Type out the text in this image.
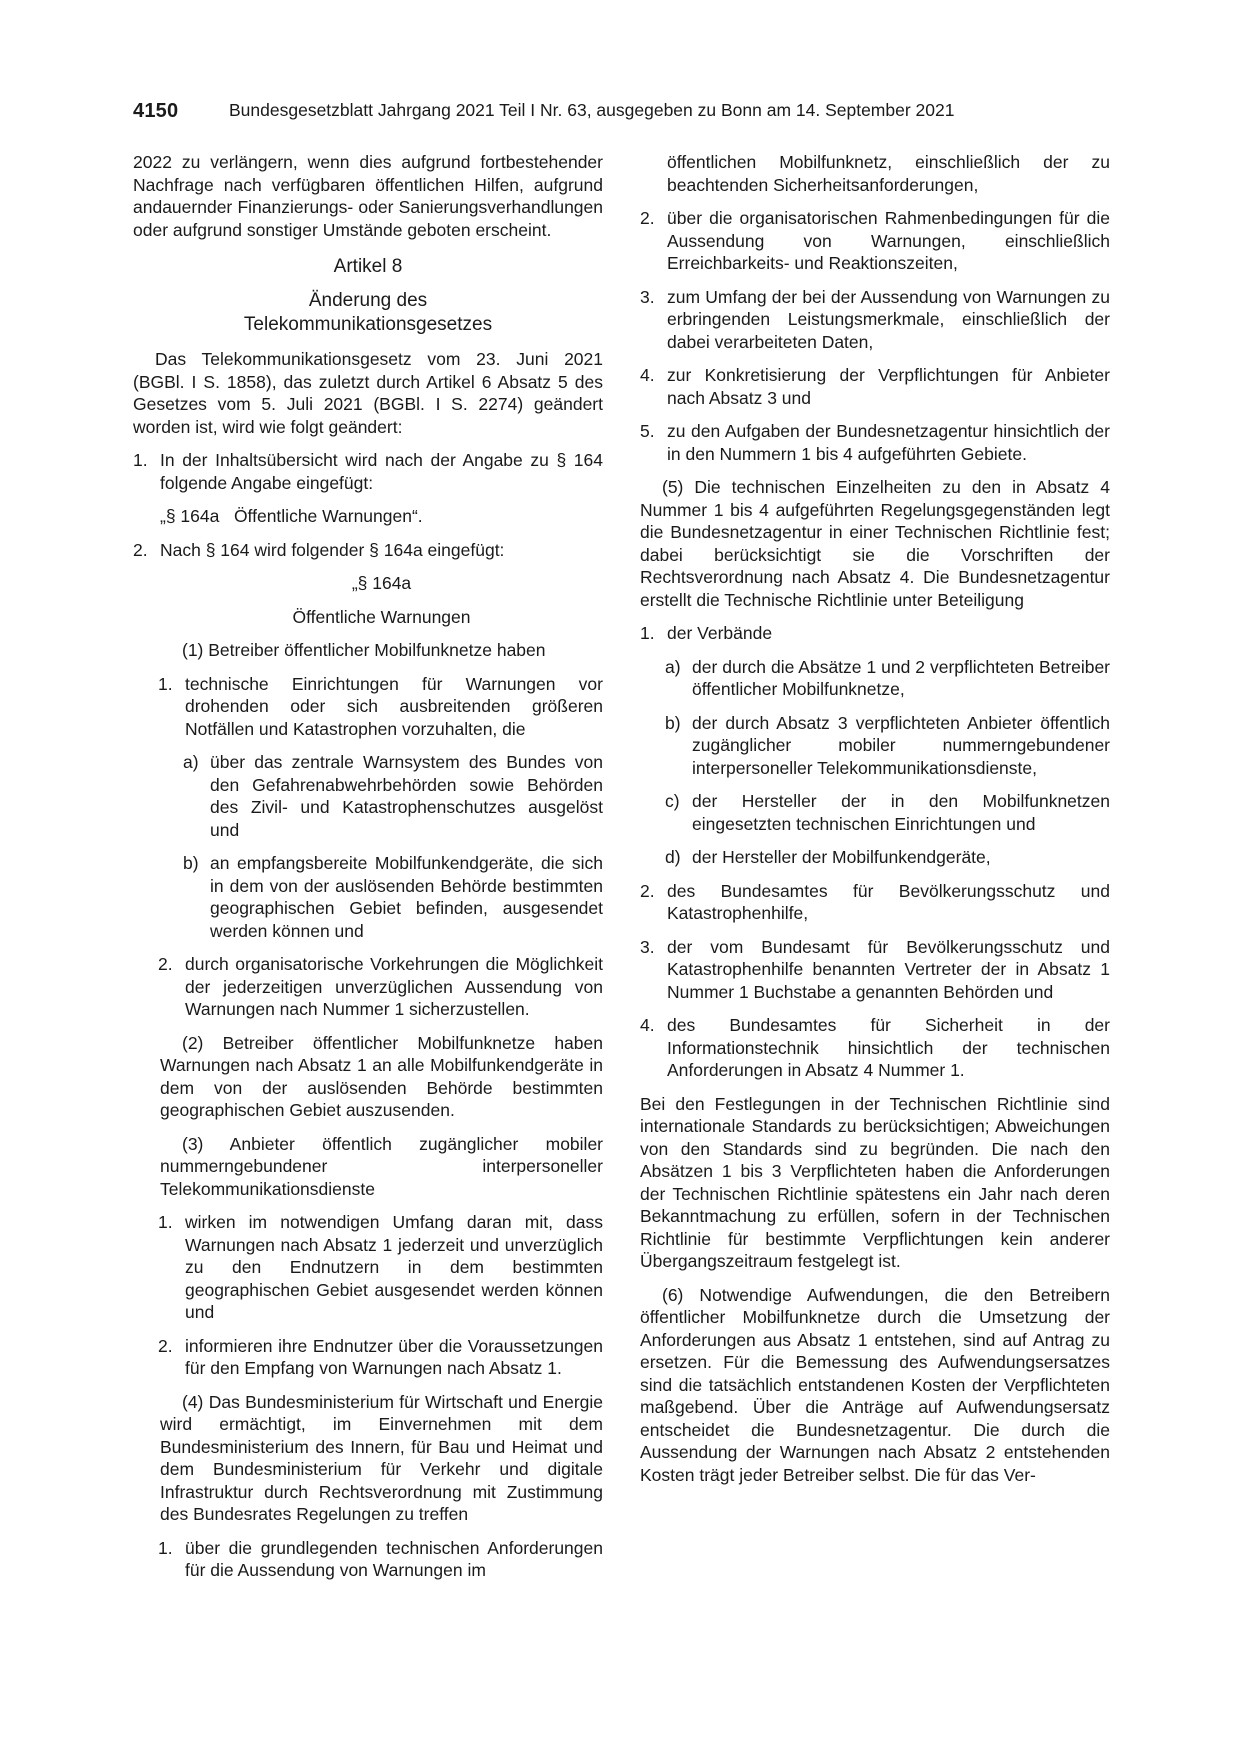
4150	Bundesgesetzblatt Jahrgang 2021 Teil I Nr. 63, ausgegeben zu Bonn am 14. September 2021

2022 zu verlängern, wenn dies aufgrund fortbestehender Nachfrage nach verfügbaren öffentlichen Hilfen, aufgrund andauernder Finanzierungs- oder Sanierungsverhandlungen oder aufgrund sonstiger Umstände geboten erscheint.

Artikel 8

Änderung des

Telekommunikationsgesetzes

Das Telekommunikationsgesetz vom 23. Juni 2021 (BGBl. I S. 1858), das zuletzt durch Artikel 6 Absatz 5 des Gesetzes vom 5. Juli 2021 (BGBl. I S. 2274) geändert worden ist, wird wie folgt geändert:

1. In der Inhaltsübersicht wird nach der Angabe zu § 164 folgende Angabe eingefügt:

„§ 164a   Öffentliche Warnungen“.

2. Nach § 164 wird folgender § 164a eingefügt:

„§ 164a

Öffentliche Warnungen

(1) Betreiber öffentlicher Mobilfunknetze haben

1. technische Einrichtungen für Warnungen vor drohenden oder sich ausbreitenden größeren Notfällen und Katastrophen vorzuhalten, die

a) über das zentrale Warnsystem des Bundes von den Gefahrenabwehrbehörden sowie Behörden des Zivil- und Katastrophenschutzes ausgelöst und

b) an empfangsbereite Mobilfunkendgeräte, die sich in dem von der auslösenden Behörde bestimmten geographischen Gebiet befinden, ausgesendet werden können und

2. durch organisatorische Vorkehrungen die Möglichkeit der jederzeitigen unverzüglichen Aussendung von Warnungen nach Nummer 1 sicherzustellen.

(2) Betreiber öffentlicher Mobilfunknetze haben Warnungen nach Absatz 1 an alle Mobilfunkendgeräte in dem von der auslösenden Behörde bestimmten geographischen Gebiet auszusenden.

(3) Anbieter öffentlich zugänglicher mobiler nummerngebundener interpersoneller Telekommunikationsdienste

1. wirken im notwendigen Umfang daran mit, dass Warnungen nach Absatz 1 jederzeit und unverzüglich zu den Endnutzern in dem bestimmten geographischen Gebiet ausgesendet werden können und

2. informieren ihre Endnutzer über die Voraussetzungen für den Empfang von Warnungen nach Absatz 1.

(4) Das Bundesministerium für Wirtschaft und Energie wird ermächtigt, im Einvernehmen mit dem Bundesministerium des Innern, für Bau und Heimat und dem Bundesministerium für Verkehr und digitale Infrastruktur durch Rechtsverordnung mit Zustimmung des Bundesrates Regelungen zu treffen

1. über die grundlegenden technischen Anforderungen für die Aussendung von Warnungen im

öffentlichen Mobilfunknetz, einschließlich der zu beachtenden Sicherheitsanforderungen,

2. über die organisatorischen Rahmenbedingungen für die Aussendung von Warnungen, einschließlich Erreichbarkeits- und Reaktionszeiten,

3. zum Umfang der bei der Aussendung von Warnungen zu erbringenden Leistungsmerkmale, einschließlich der dabei verarbeiteten Daten,

4. zur Konkretisierung der Verpflichtungen für Anbieter nach Absatz 3 und

5. zu den Aufgaben der Bundesnetzagentur hinsichtlich der in den Nummern 1 bis 4 aufgeführten Gebiete.

(5) Die technischen Einzelheiten zu den in Absatz 4 Nummer 1 bis 4 aufgeführten Regelungsgegenständen legt die Bundesnetzagentur in einer Technischen Richtlinie fest; dabei berücksichtigt sie die Vorschriften der Rechtsverordnung nach Absatz 4. Die Bundesnetzagentur erstellt die Technische Richtlinie unter Beteiligung

1. der Verbände

a) der durch die Absätze 1 und 2 verpflichteten Betreiber öffentlicher Mobilfunknetze,

b) der durch Absatz 3 verpflichteten Anbieter öffentlich zugänglicher mobiler nummerngebundener interpersoneller Telekommunikationsdienste,

c) der Hersteller der in den Mobilfunknetzen eingesetzten technischen Einrichtungen und

d) der Hersteller der Mobilfunkendgeräte,

2. des Bundesamtes für Bevölkerungsschutz und Katastrophenhilfe,

3. der vom Bundesamt für Bevölkerungsschutz und Katastrophenhilfe benannten Vertreter der in Absatz 1 Nummer 1 Buchstabe a genannten Behörden und

4. des Bundesamtes für Sicherheit in der Informationstechnik hinsichtlich der technischen Anforderungen in Absatz 4 Nummer 1.

Bei den Festlegungen in der Technischen Richtlinie sind internationale Standards zu berücksichtigen; Abweichungen von den Standards sind zu begründen. Die nach den Absätzen 1 bis 3 Verpflichteten haben die Anforderungen der Technischen Richtlinie spätestens ein Jahr nach deren Bekanntmachung zu erfüllen, sofern in der Technischen Richtlinie für bestimmte Verpflichtungen kein anderer Übergangszeitraum festgelegt ist.

(6) Notwendige Aufwendungen, die den Betreibern öffentlicher Mobilfunknetze durch die Umsetzung der Anforderungen aus Absatz 1 entstehen, sind auf Antrag zu ersetzen. Für die Bemessung des Aufwendungsersatzes sind die tatsächlich entstandenen Kosten der Verpflichteten maßgebend. Über die Anträge auf Aufwendungsersatz entscheidet die Bundesnetzagentur. Die durch die Aussendung der Warnungen nach Absatz 2 entstehenden Kosten trägt jeder Betreiber selbst. Die für das Ver-
